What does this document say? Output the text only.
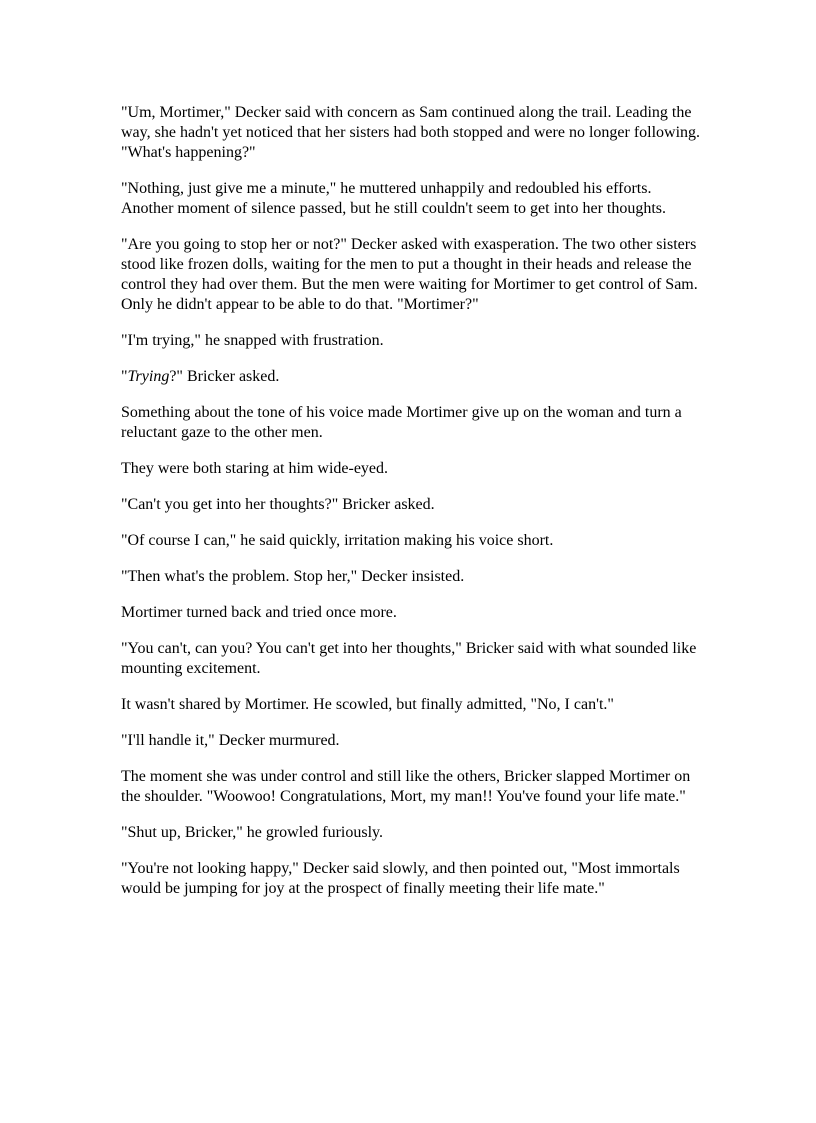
"Um, Mortimer," Decker said with concern as Sam continued along the trail. Leading the way, she hadn't yet noticed that her sisters had both stopped and were no longer following. "What's happening?"

"Nothing, just give me a minute," he muttered unhappily and redoubled his efforts. Another moment of silence passed, but he still couldn't seem to get into her thoughts.

"Are you going to stop her or not?" Decker asked with exasperation. The two other sisters stood like frozen dolls, waiting for the men to put a thought in their heads and release the control they had over them. But the men were waiting for Mortimer to get control of Sam. Only he didn't appear to be able to do that. "Mortimer?"

"I'm trying," he snapped with frustration.

"Trying?" Bricker asked.

Something about the tone of his voice made Mortimer give up on the woman and turn a reluctant gaze to the other men.

They were both staring at him wide-eyed.

"Can't you get into her thoughts?" Bricker asked.

"Of course I can," he said quickly, irritation making his voice short.

"Then what's the problem. Stop her," Decker insisted.

Mortimer turned back and tried once more.

"You can't, can you? You can't get into her thoughts," Bricker said with what sounded like mounting excitement.

It wasn't shared by Mortimer. He scowled, but finally admitted, "No, I can't."

"I'll handle it," Decker murmured.

The moment she was under control and still like the others, Bricker slapped Mortimer on the shoulder. "Woowoo! Congratulations, Mort, my man!! You've found your life mate."

"Shut up, Bricker," he growled furiously.

"You're not looking happy," Decker said slowly, and then pointed out, "Most immortals would be jumping for joy at the prospect of finally meeting their life mate."
